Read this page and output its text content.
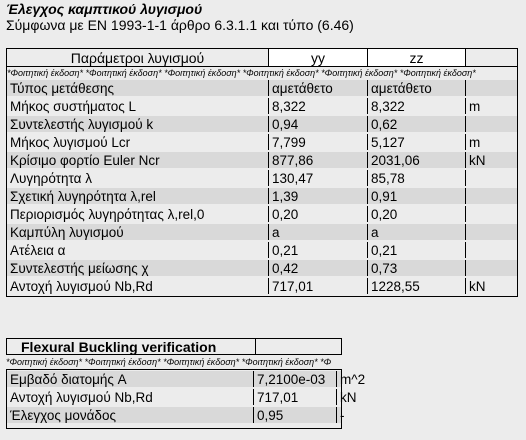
Έλεγχος καμπτικού λυγισμού
Σύμφωνα με EN 1993-1-1 άρθρο 6.3.1.1 και τύπο (6.46)
Παράμετροι λυγισμού	yy	zz
*Φοιτητική έκδοση* *Φοιτητική έκδοση* *Φοιτητική έκδοση* *Φοιτητική έκδοση* *Φοιτητική έκδοση* *Φοιτητική έκδοση*
Τύπος μετάθεσης	αμετάθετο	αμετάθετο
Μήκος συστήματος L	8,322	8,322	m
Συντελεστής λυγισμού k	0,94	0,62
Μήκος λυγισμού Lcr	7,799	5,127	m
Κρίσιμο φορτίο Euler Ncr	877,86	2031,06	kN
Λυγηρότητα λ	130,47	85,78
Σχετική λυγηρότητα λ,rel	1,39	0,91
Περιορισμός λυγηρότητας λ,rel,0	0,20	0,20
Καμπύλη λυγισμού	a	a
Ατέλεια α	0,21	0,21
Συντελεστής μείωσης χ	0,42	0,73
Αντοχή λυγισμού Nb,Rd	717,01	1228,55	kN
Flexural Buckling verification
*Φοιτητική έκδοση* *Φοιτητική έκδοση* *Φοιτητική έκδοση* *Φοιτητική έκδοση* *Φ
Εμβαδό διατομής A	7,2100e-03	m^2
Αντοχή λυγισμού Nb,Rd	717,01	kN
Έλεγχος μονάδος	0,95	-
